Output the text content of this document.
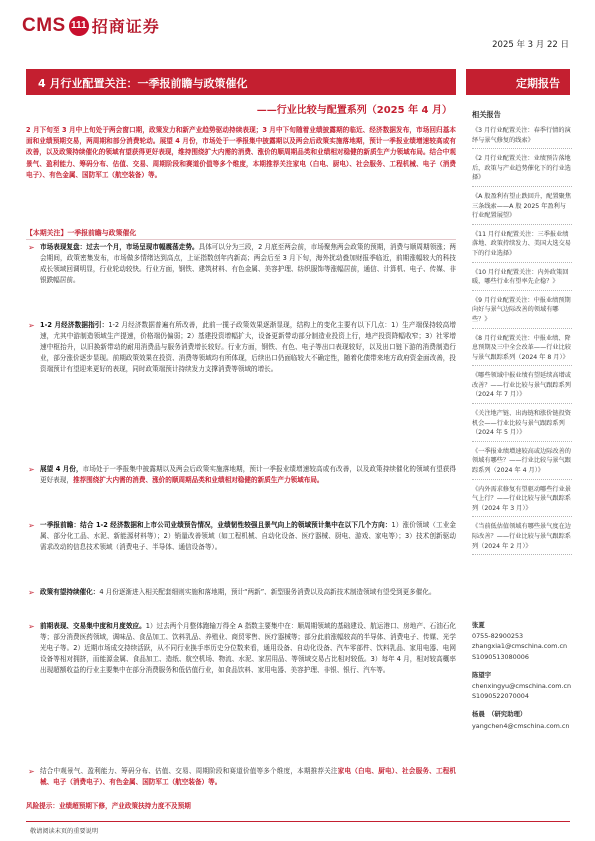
CMS 111 招商证券
2025 年 3 月 22 日
4 月行业配置关注：一季报前瞻与政策催化	定期报告
——行业比较与配置系列（2025 年 4 月）
2 月下旬至 3 月中上旬处于两会窗口期，政策发力和新产业趋势驱动持续表现；3 月中下旬随着业绩披露期的临近、经济数据发布，市场回归基本面和业绩预期交易，两周期和部分消费轮动。展望 4 月份，市场处于一季报集中披露期以及两会后政策实施落地期，预计一季报业绩增速较高或有改善，以及政策持续催化的领域有望获得更好表现，维持围绕扩大内需的消费、涨价的顺周期品类和业绩相对稳健的新质生产力领域布局。结合中观景气、盈利能力、筹码分布、估值、交易、周期阶段和赛道价值等多个维度，本期推荐关注家电（白电、厨电）、社会服务、工程机械、电子（消费电子）、有色金属、国防军工（航空装备）等。
【本期关注】一季报前瞻与政策催化
➢ 市场表现复盘：过去一个月，市场呈现市幅震荡走势。具体可以分为三段，2 月底至两会前，市场聚焦两会政策的预期，消费与顺周期领涨；两会期间，政策密集发布，市场做多情绪达到高点，上证指数创年内新高；两会后至 3 月下旬，海外扰动叠加财报季临近，前期涨幅较大的科技成长领域回调明显，行业轮动较快。行业方面，钢铁、建筑材料、有色金属、美容护理、纺织服饰等涨幅居前，通信、计算机、电子、传媒、非银跌幅居前。
➢ 1-2 月经济数据指引：1-2 月经济数据普遍有所改善，此前一揽子政策效果逐渐显现，结构上的变化主要有以下几点：1）生产端保持较高增速，尤其中游制造领域生产提速，价格端仍偏弱；2）基建投资增幅扩大，设备更新带动部分制造业投资上行，地产投资降幅收窄；3）社零增速中枢抬升，以旧换新带动的耐用消费品与服务消费增长较好。行业方面，钢铁、有色、电子等出口表现较好，以及出口链下游的消费制造行业，部分涨价逐步显现。前期政策效果在投资、消费等领域均有所体现，后续出口仍面临较大不确定性，随着化债带来地方政府资金面改善，投资端预计有望迎来更好的表现，同时政策端预计持续发力支撑消费等领域的增长。
➢ 展望 4 月份，市场处于一季报集中披露期以及两会后政策实施落地期，预计一季报业绩增速较高或有改善，以及政策持续催化的领域有望获得更好表现，推荐围绕扩大内需的消费、涨价的顺周期品类和业绩相对稳健的新质生产力领域布局。
➢ 一季报前瞻：结合 1-2 经济数据和上市公司业绩预告情况，业绩韧性较强且景气向上的领域预计集中在以下几个方向：1）涨价领域（工业金属、部分化工品、水泥、新能源材料等）；2）销量改善领域（如工程机械、自动化设备、医疗器械、厨电、游戏、家电等）；3）技术创新驱动需求改动的信息技术领域（消费电子、半导体、通信设备等）。
➢ 政策有望持续催化：4 月份逐渐进入相关配套细则实施和落地期，预计“两新”、新型服务消费以及高新技术制造领域有望受到更多催化。
➢ 前期表现、交易集中度和月度效应。1）过去两个月整体跑输万得全 A 指数主要集中在：顺周期领域的基础建设、航运港口、房地产、石油石化等；部分消费医药领域，调味品、食品加工、饮料乳品、养殖业、商贸零售、医疗器械等；部分此前涨幅较高的半导体、消费电子、传媒、光学光电子等。2）近期市场成交持续活跃，从不同行业换手率历史分位数来看，通用设备、自动化设备、汽车零部件、饮料乳品、家用电器、电网设备等相对拥挤，而能源金属、食品加工、造纸、航空机场、物流、水泥、家居用品、等领域交易占比相对较低。3）每年 4 月，相对较高概率出现超额收益的行业主要集中在部分消费服务和低估值行业，如食品饮料、家用电器、美容护理、非银、银行、汽车等。
➢ 结合中观景气、盈利能力、筹码分布、估值、交易、周期阶段和赛道价值等多个维度，本期推荐关注家电（白电、厨电）、社会服务、工程机械、电子（消费电子）、有色金属、国防军工（航空装备）等。
风险提示：业绩超预期下修，产业政策扶持力度不及预期
相关报告
《3 月行业配置关注：春季行情的演绎与景气修复的线索》
《2 月行业配置关注：业绩预告落地后，政策与产业趋势催化下的行业选择》
《A 股盈利有望止跌回升，配置聚焦三条线索——A 股 2025 年盈利与行业配置展望》
《11 月行业配置关注：三季报业绩落地、政策持续发力、美国大选交易下的行业选择》
《10 月行业配置关注：内外政策回暖，哪些行业有望率先企稳？》
《9 月行业配置关注：中报业绩预期向好与景气边际改善的领域有哪些？》
《8 月行业配置关注：中报业绩、降息预期及三中全会改革——行业比较与景气跟踪系列（2024 年 8 月）》
《哪些领域中报业绩有望延续高增或改善？——行业比较与景气跟踪系列（2024 年 7 月）》
《关注地产链、出海链和涨价链投资机会——行业比较与景气跟踪系列（2024 年 5 月）》
《一季报业绩增速较高或边际改善的领域有哪些？——行业比较与景气跟踪系列（2024 年 4 月）》
《内外需求修复有望驱动哪些行业景气上行？——行业比较与景气跟踪系列（2024 年 3 月）》
《当前低估值领域有哪些景气度在边际改善？——行业比较与景气跟踪系列（2024 年 2 月）》
张夏
0755-82900253
zhangxia1@cmschina.com.cn
S1090513080006
陈望宇
chenxingyu@cmschina.com.cn
S1090522070004
杨晨　（研究助理）
yangchen4@cmschina.com.cn
敬请阅读末页的重要说明
